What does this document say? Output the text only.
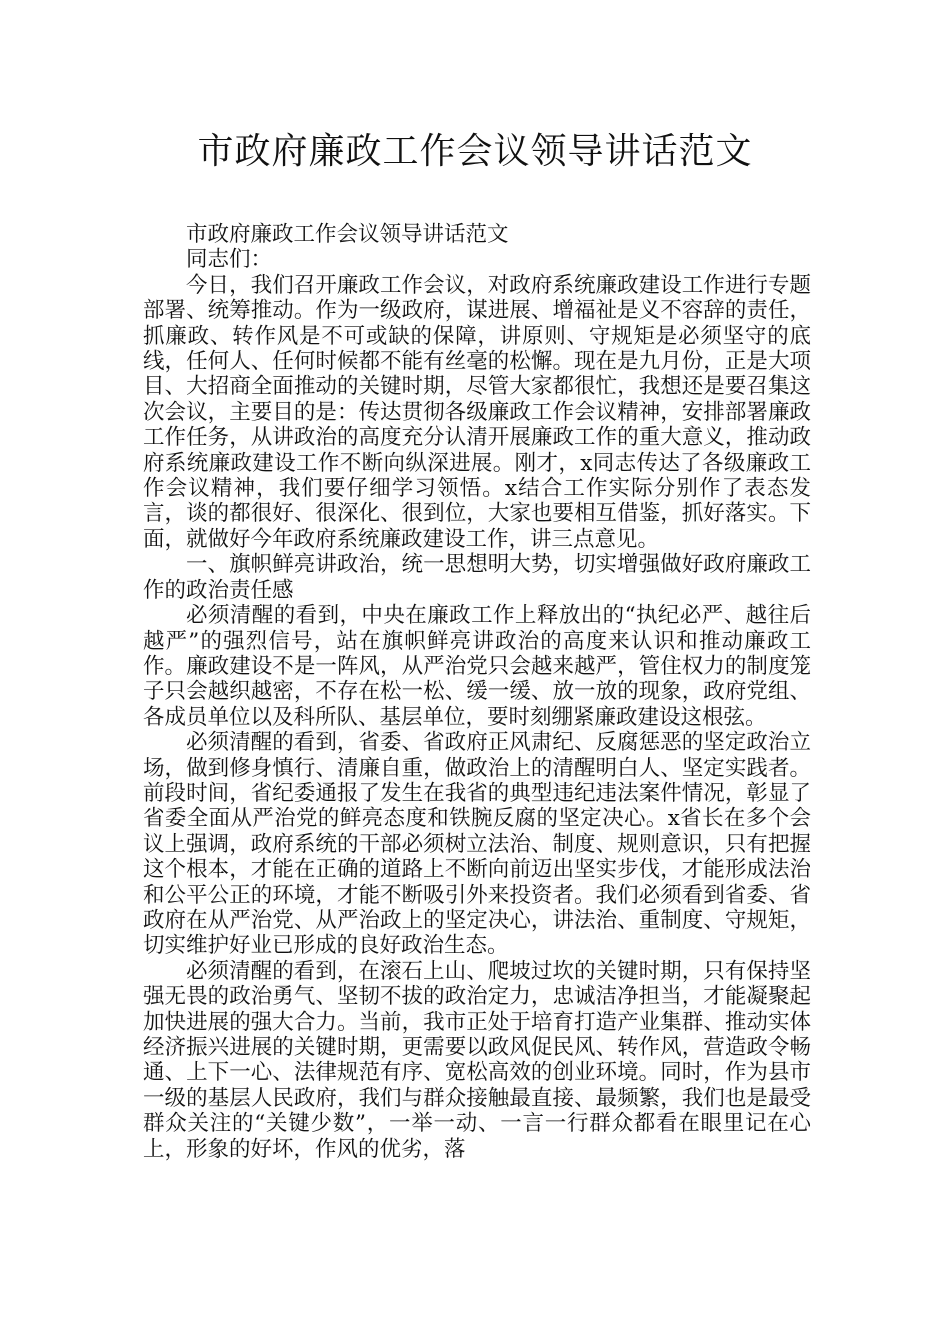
市政府廉政工作会议领导讲话范文

市政府廉政工作会议领导讲话范文

同志们：

今日，我们召开廉政工作会议，对政府系统廉政建设工作进行专题部署、统筹推动。作为一级政府，谋进展、增福祉是义不容辞的责任，抓廉政、转作风是不可或缺的保障，讲原则、守规矩是必须坚守的底线，任何人、任何时候都不能有丝毫的松懈。现在是九月份，正是大项目、大招商全面推动的关键时期，尽管大家都很忙，我想还是要召集这次会议，主要目的是：传达贯彻各级廉政工作会议精神，安排部署廉政工作任务，从讲政治的高度充分认清开展廉政工作的重大意义，推动政府系统廉政建设工作不断向纵深进展。刚才，x同志传达了各级廉政工作会议精神，我们要仔细学习领悟。x结合工作实际分别作了表态发言，谈的都很好、很深化、很到位，大家也要相互借鉴，抓好落实。下面，就做好今年政府系统廉政建设工作，讲三点意见。

一、旗帜鲜亮讲政治，统一思想明大势，切实增强做好政府廉政工作的政治责任感

必须清醒的看到，中央在廉政工作上释放出的“执纪必严、越往后越严”的强烈信号，站在旗帜鲜亮讲政治的高度来认识和推动廉政工作。廉政建设不是一阵风，从严治党只会越来越严，管住权力的制度笼子只会越织越密，不存在松一松、缓一缓、放一放的现象，政府党组、各成员单位以及科所队、基层单位，要时刻绷紧廉政建设这根弦。

必须清醒的看到，省委、省政府正风肃纪、反腐惩恶的坚定政治立场，做到修身慎行、清廉自重，做政治上的清醒明白人、坚定实践者。前段时间，省纪委通报了发生在我省的典型违纪违法案件情况，彰显了省委全面从严治党的鲜亮态度和铁腕反腐的坚定决心。x省长在多个会议上强调，政府系统的干部必须树立法治、制度、规则意识，只有把握这个根本，才能在正确的道路上不断向前迈出坚实步伐，才能形成法治和公平公正的环境，才能不断吸引外来投资者。我们必须看到省委、省政府在从严治党、从严治政上的坚定决心，讲法治、重制度、守规矩，切实维护好业已形成的良好政治生态。

必须清醒的看到，在滚石上山、爬坡过坎的关键时期，只有保持坚强无畏的政治勇气、坚韧不拔的政治定力，忠诚洁净担当，才能凝聚起加快进展的强大合力。当前，我市正处于培育打造产业集群、推动实体经济振兴进展的关键时期，更需要以政风促民风、转作风，营造政令畅通、上下一心、法律规范有序、宽松高效的创业环境。同时，作为县市一级的基层人民政府，我们与群众接触最直接、最频繁，我们也是最受群众关注的“关键少数”，一举一动、一言一行群众都看在眼里记在心上，形象的好坏，作风的优劣，落
